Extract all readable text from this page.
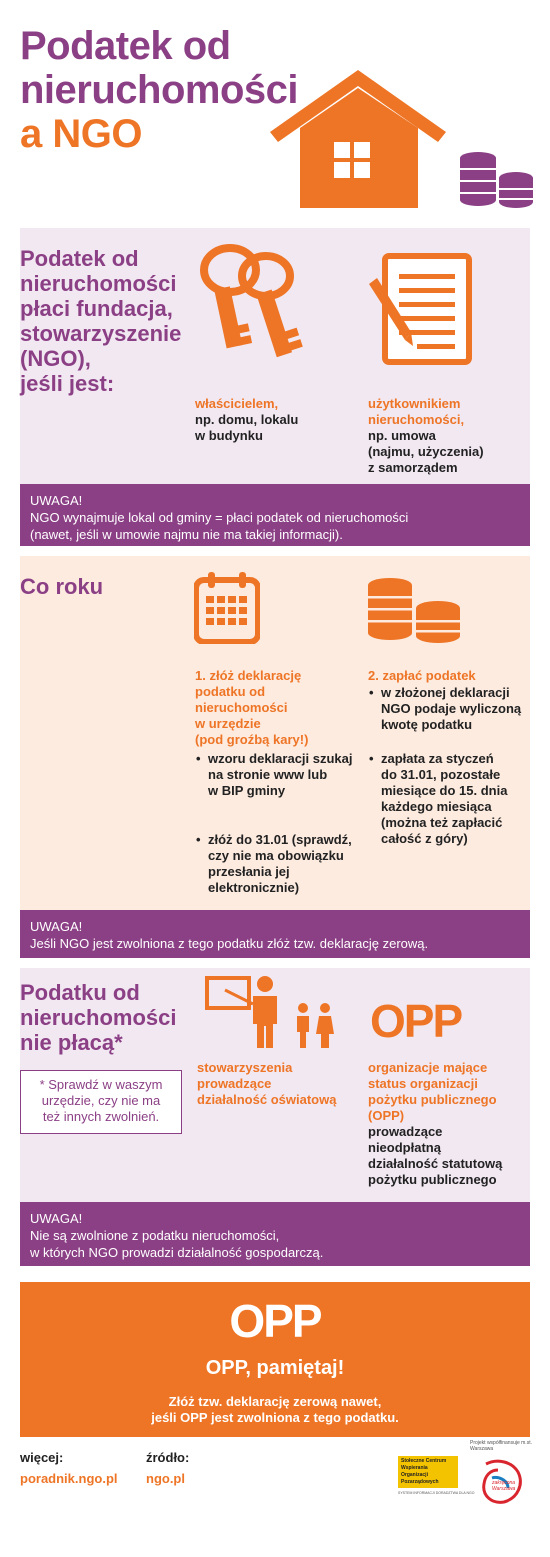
Podatek od
nieruchomości
a NGO
Podatek od
nieruchomości
płaci fundacja,
stowarzyszenie
(NGO),
jeśli jest:
właścicielem,
np. domu, lokalu
w budynku
użytkownikiem
nieruchomości,
np. umowa
(najmu, użyczenia)
z samorządem
UWAGA!
NGO wynajmuje lokal od gminy = płaci podatek od nieruchomości
(nawet, jeśli w umowie najmu nie ma takiej informacji).
Co roku
1. złóż deklarację
podatku od
nieruchomości
w urzędzie
(pod groźbą kary!)
• wzoru deklaracji szukaj
na stronie www lub
w BIP gminy
• złóż do 31.01 (sprawdź,
czy nie ma obowiązku
przesłania jej
elektronicznie)
2. zapłać podatek
• w złożonej deklaracji
NGO podaje wyliczoną
kwotę podatku
• zapłata za styczeń
do 31.01, pozostałe
miesiące do 15. dnia
każdego miesiąca
(można też zapłacić
całość z góry)
UWAGA!
Jeśli NGO jest zwolniona z tego podatku złóż tzw. deklarację zerową.
Podatku od
nieruchomości
nie płacą*
* Sprawdź w waszym
urzędzie, czy nie ma
też innych zwolnień.
OPP
stowarzyszenia
prowadzące
działalność oświatową
organizacje mające
status organizacji
pożytku publicznego
(OPP)
prowadzące
nieodpłatną
działalność statutową
pożytku publicznego
UWAGA!
Nie są zwolnione z podatku nieruchomości,
w których NGO prowadzi działalność gospodarczą.
OPP
OPP, pamiętaj!
Złóż tzw. deklarację zerową nawet,
jeśli OPP jest zwolniona z tego podatku.
więcej:
poradnik.ngo.pl
źródło:
ngo.pl
Projekt współfinansuje m.st. Warszawa
Stołeczne Centrum
Wspierania Organizacji
Pozarządowych
SYSTEM INFORMACJI DORADZTWA DLA NGO
zakręcona
Warszawa
